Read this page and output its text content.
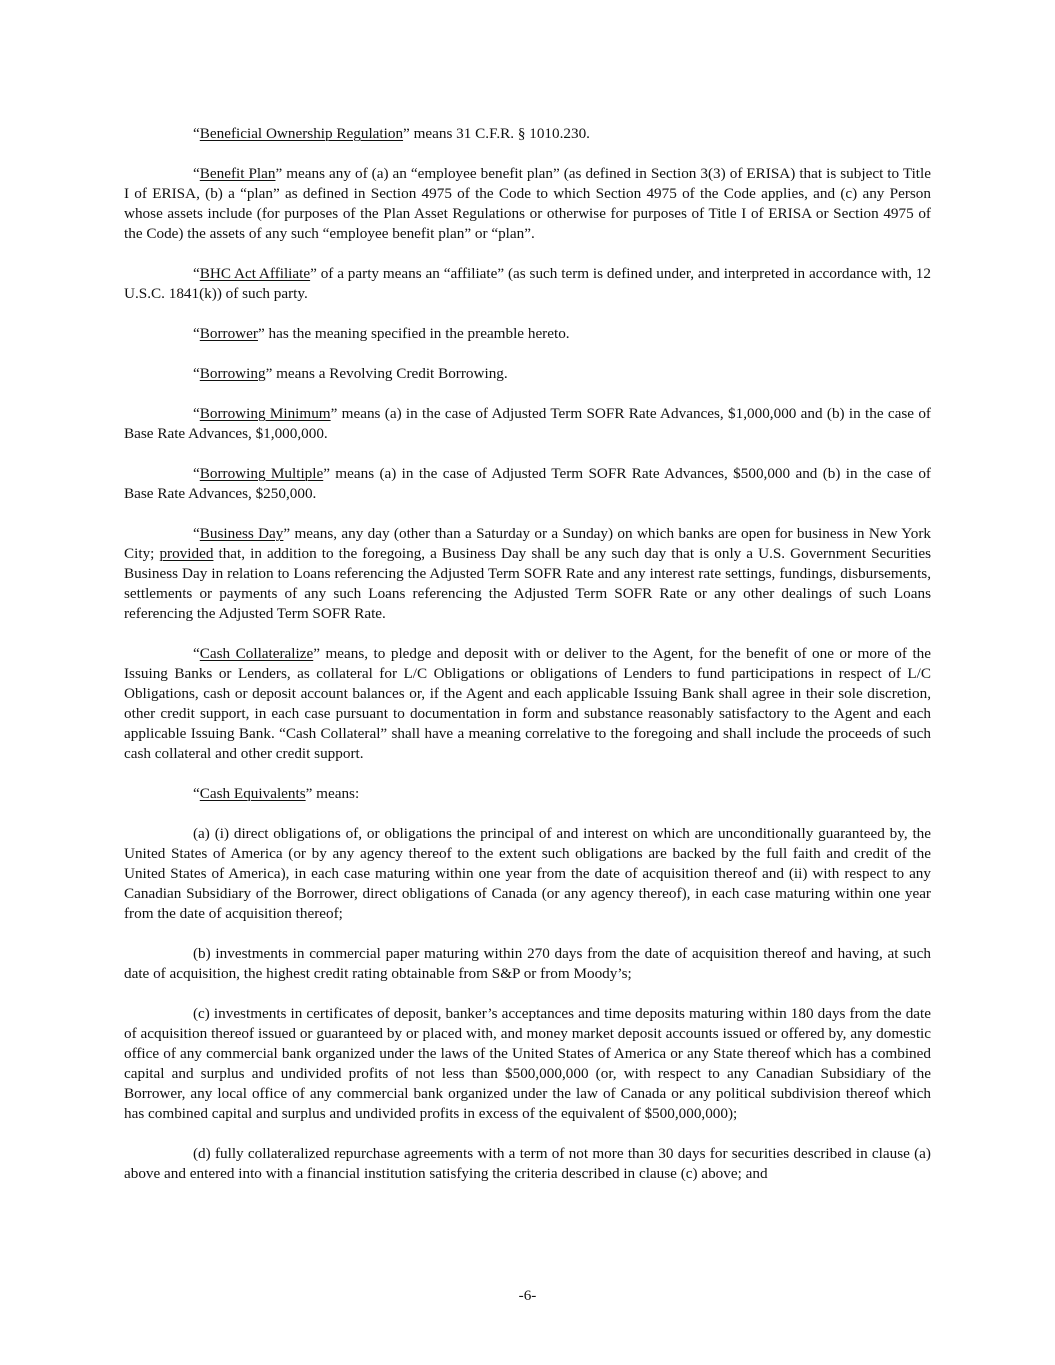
“Beneficial Ownership Regulation” means 31 C.F.R. § 1010.230.

“Benefit Plan” means any of (a) an “employee benefit plan” (as defined in Section 3(3) of ERISA) that is subject to Title I of ERISA, (b) a “plan” as defined in Section 4975 of the Code to which Section 4975 of the Code applies, and (c) any Person whose assets include (for purposes of the Plan Asset Regulations or otherwise for purposes of Title I of ERISA or Section 4975 of the Code) the assets of any such “employee benefit plan” or “plan”.

“BHC Act Affiliate” of a party means an “affiliate” (as such term is defined under, and interpreted in accordance with, 12 U.S.C. 1841(k)) of such party.

“Borrower” has the meaning specified in the preamble hereto.

“Borrowing” means a Revolving Credit Borrowing.

“Borrowing Minimum” means (a) in the case of Adjusted Term SOFR Rate Advances, $1,000,000 and (b) in the case of Base Rate Advances, $1,000,000.

“Borrowing Multiple” means (a) in the case of Adjusted Term SOFR Rate Advances, $500,000 and (b) in the case of Base Rate Advances, $250,000.

“Business Day” means, any day (other than a Saturday or a Sunday) on which banks are open for business in New York City; provided that, in addition to the foregoing, a Business Day shall be any such day that is only a U.S. Government Securities Business Day in relation to Loans referencing the Adjusted Term SOFR Rate and any interest rate settings, fundings, disbursements, settlements or payments of any such Loans referencing the Adjusted Term SOFR Rate or any other dealings of such Loans referencing the Adjusted Term SOFR Rate.

“Cash Collateralize” means, to pledge and deposit with or deliver to the Agent, for the benefit of one or more of the Issuing Banks or Lenders, as collateral for L/C Obligations or obligations of Lenders to fund participations in respect of L/C Obligations, cash or deposit account balances or, if the Agent and each applicable Issuing Bank shall agree in their sole discretion, other credit support, in each case pursuant to documentation in form and substance reasonably satisfactory to the Agent and each applicable Issuing Bank. “Cash Collateral” shall have a meaning correlative to the foregoing and shall include the proceeds of such cash collateral and other credit support.

“Cash Equivalents” means:

(a) (i) direct obligations of, or obligations the principal of and interest on which are unconditionally guaranteed by, the United States of America (or by any agency thereof to the extent such obligations are backed by the full faith and credit of the United States of America), in each case maturing within one year from the date of acquisition thereof and (ii) with respect to any Canadian Subsidiary of the Borrower, direct obligations of Canada (or any agency thereof), in each case maturing within one year from the date of acquisition thereof;

(b) investments in commercial paper maturing within 270 days from the date of acquisition thereof and having, at such date of acquisition, the highest credit rating obtainable from S&P or from Moody’s;

(c) investments in certificates of deposit, banker’s acceptances and time deposits maturing within 180 days from the date of acquisition thereof issued or guaranteed by or placed with, and money market deposit accounts issued or offered by, any domestic office of any commercial bank organized under the laws of the United States of America or any State thereof which has a combined capital and surplus and undivided profits of not less than $500,000,000 (or, with respect to any Canadian Subsidiary of the Borrower, any local office of any commercial bank organized under the law of Canada or any political subdivision thereof which has combined capital and surplus and undivided profits in excess of the equivalent of $500,000,000);

(d) fully collateralized repurchase agreements with a term of not more than 30 days for securities described in clause (a) above and entered into with a financial institution satisfying the criteria described in clause (c) above; and

-6-
